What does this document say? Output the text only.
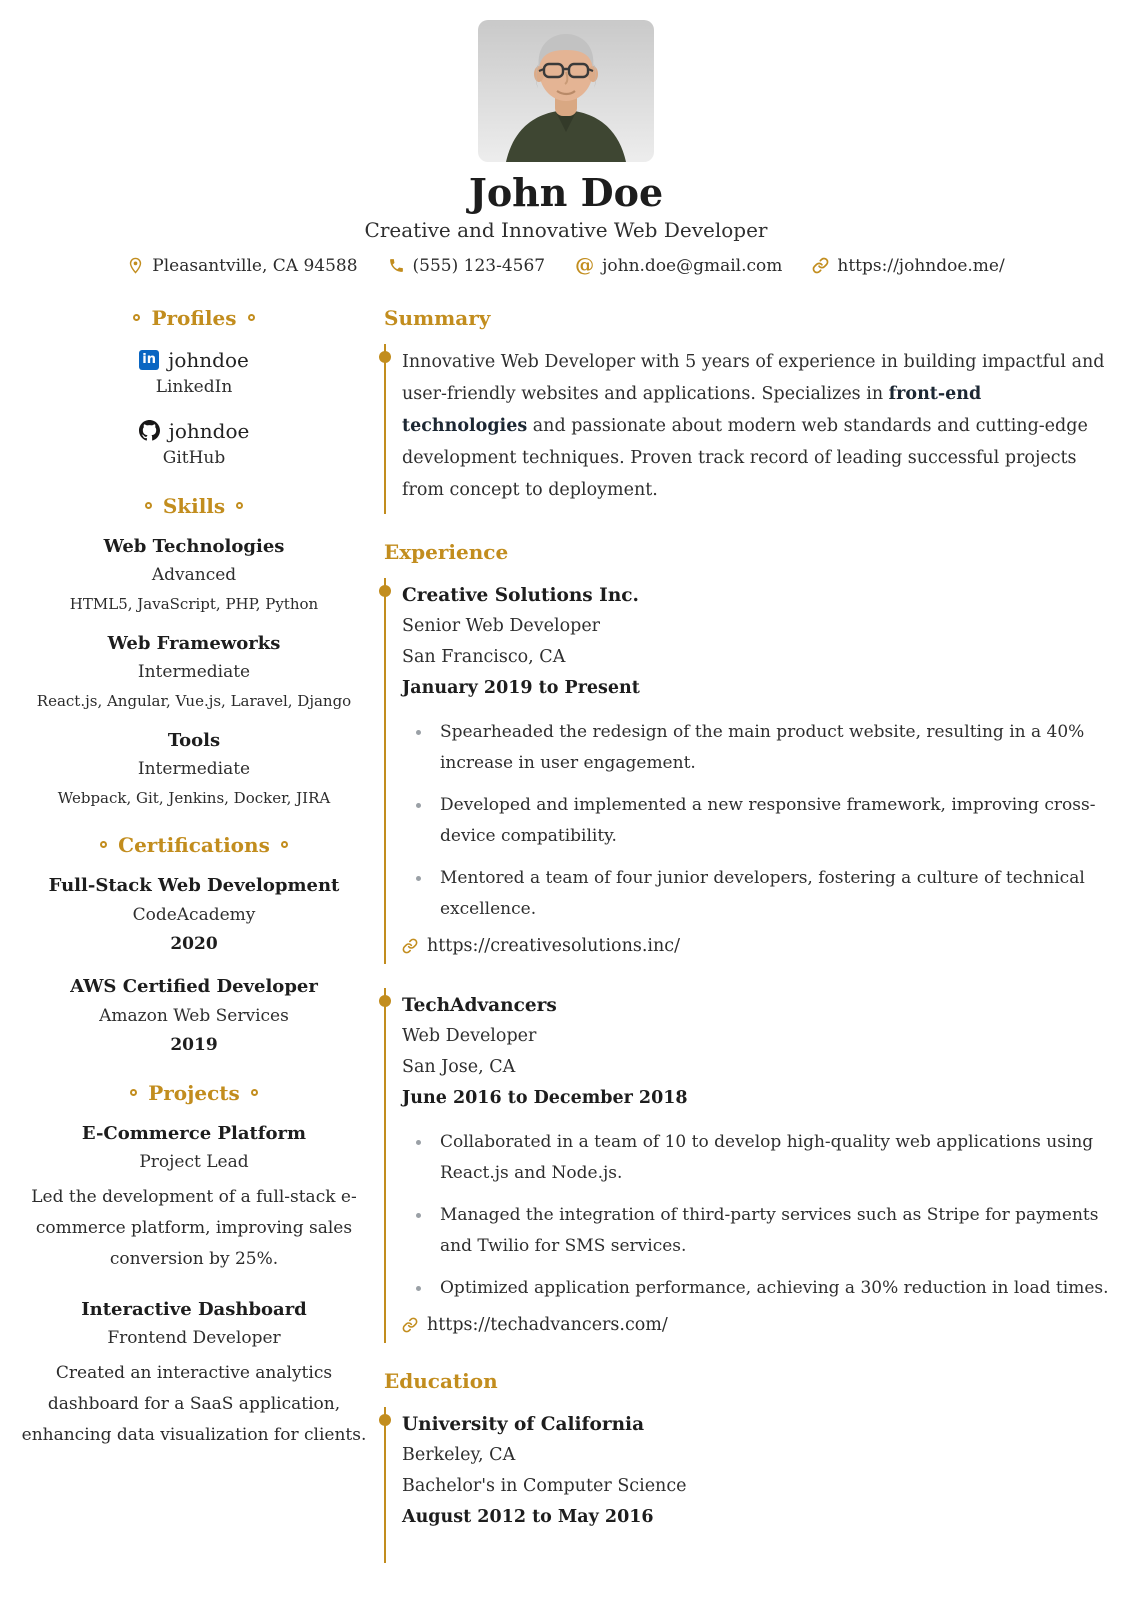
John Doe
Creative and Innovative Web Developer
Pleasantville, CA 94588	(555) 123-4567 @ john.doe@gmail.com	https://johndoe.me/
Profiles
in johndoe
LinkedIn
johndoe
GitHub
Skills
Web Technologies
Advanced
HTML5, JavaScript, PHP, Python
Web Frameworks
Intermediate
React.js, Angular, Vue.js, Laravel, Django
Tools
Intermediate
Webpack, Git, Jenkins, Docker, JIRA
Certifications
Full-Stack Web Development
CodeAcademy
2020
AWS Certified Developer
Amazon Web Services
2019
Projects
E-Commerce Platform
Project Lead
Led the development of a full-stack e-commerce platform, improving sales conversion by 25%.
Interactive Dashboard
Frontend Developer
Created an interactive analytics dashboard for a SaaS application, enhancing data visualization for clients.
Summary

Innovative Web Developer with 5 years of experience in building impactful and user-friendly websites and applications. Specializes in front-end technologies and passionate about modern web standards and cutting-edge development techniques. Proven track record of leading successful projects from concept to deployment.

Experience
Creative Solutions Inc.
Senior Web Developer
San Francisco, CA
January 2019 to Present
Spearheaded the redesign of the main product website, resulting in a 40% increase in user engagement.
Developed and implemented a new responsive framework, improving cross-device compatibility.
Mentored a team of four junior developers, fostering a culture of technical excellence.
https://creativesolutions.inc/
TechAdvancers
Web Developer
San Jose, CA
June 2016 to December 2018
Collaborated in a team of 10 to develop high-quality web applications using React.js and Node.js.
Managed the integration of third-party services such as Stripe for payments and Twilio for SMS services.
Optimized application performance, achieving a 30% reduction in load times.
https://techadvancers.com/
Education
University of California
Berkeley, CA
Bachelor's in Computer Science
August 2012 to May 2016
